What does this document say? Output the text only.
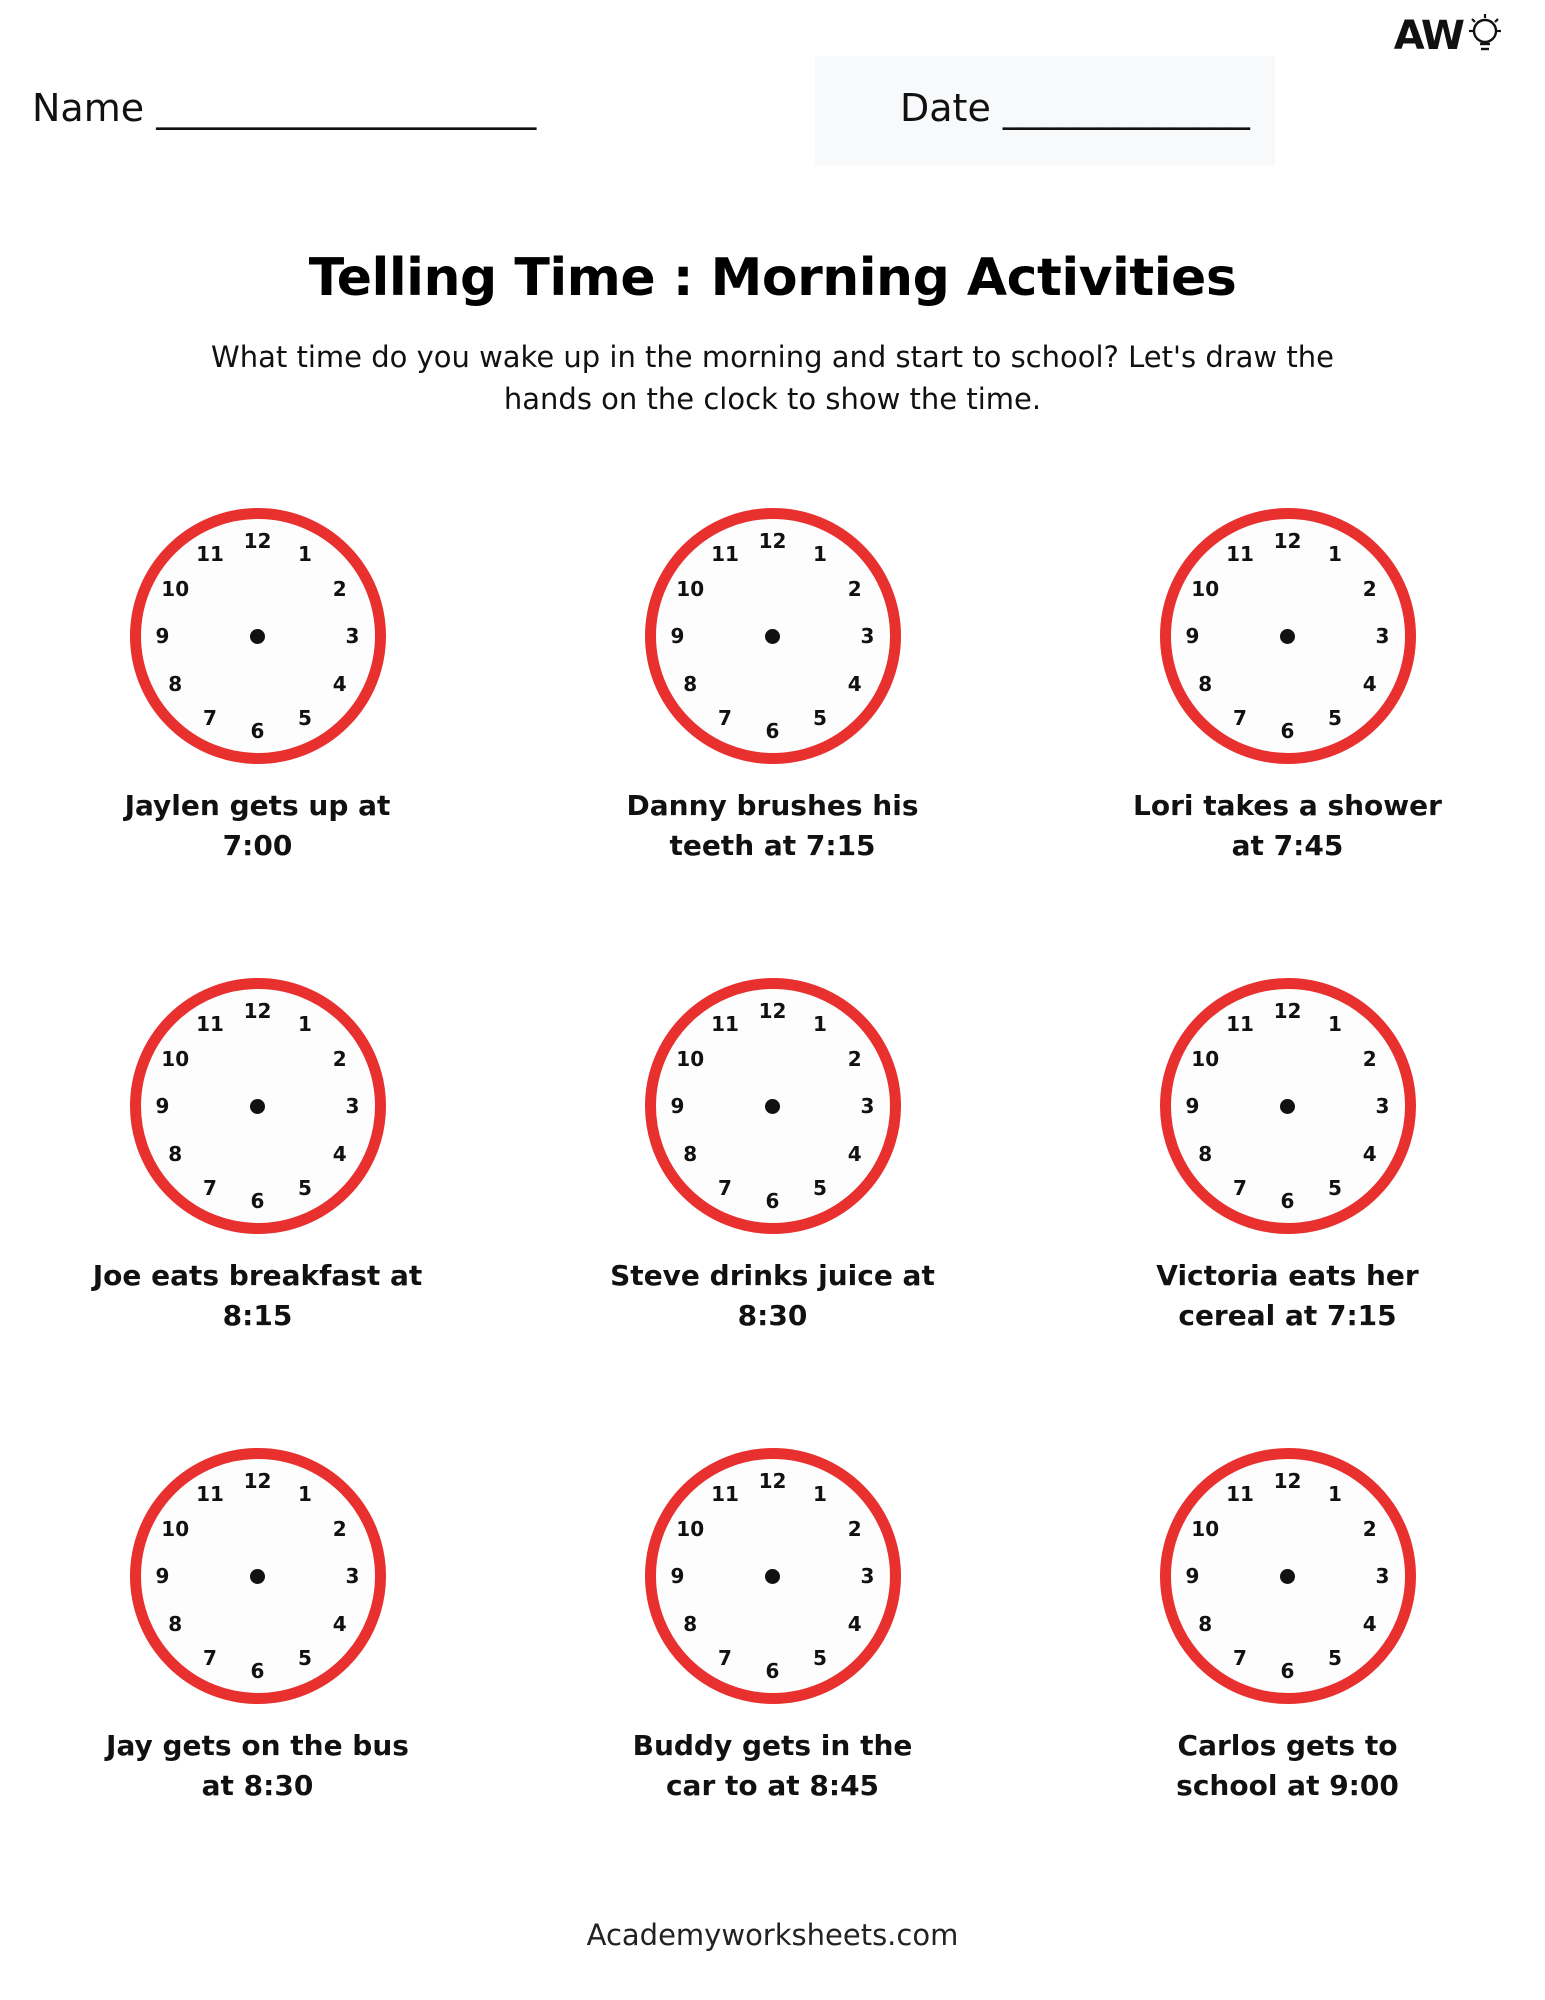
AW
Name ____________________	Date _____________
Telling Time : Morning Activities
What time do you wake up in the morning and start to school? Let's draw the hands on the clock to show the time.
12
1
2
3
4
5
6
7
8
9
10
11
Jaylen gets up at 7:00
12
1
2
3
4
5
6
7
8
9
10
11
Danny brushes his teeth at 7:15
12
1
2
3
4
5
6
7
8
9
10
11
Lori takes a shower at 7:45
12
1
2
3
4
5
6
7
8
9
10
11
Joe eats breakfast at 8:15
12
1
2
3
4
5
6
7
8
9
10
11
Steve drinks juice at 8:30
12
1
2
3
4
5
6
7
8
9
10
11
Victoria eats her cereal at 7:15
12
1
2
3
4
5
6
7
8
9
10
11
Jay gets on the bus at 8:30
12
1
2
3
4
5
6
7
8
9
10
11
Buddy gets in the car to at 8:45
12
1
2
3
4
5
6
7
8
9
10
11
Carlos gets to school at 9:00
Academyworksheets.com
